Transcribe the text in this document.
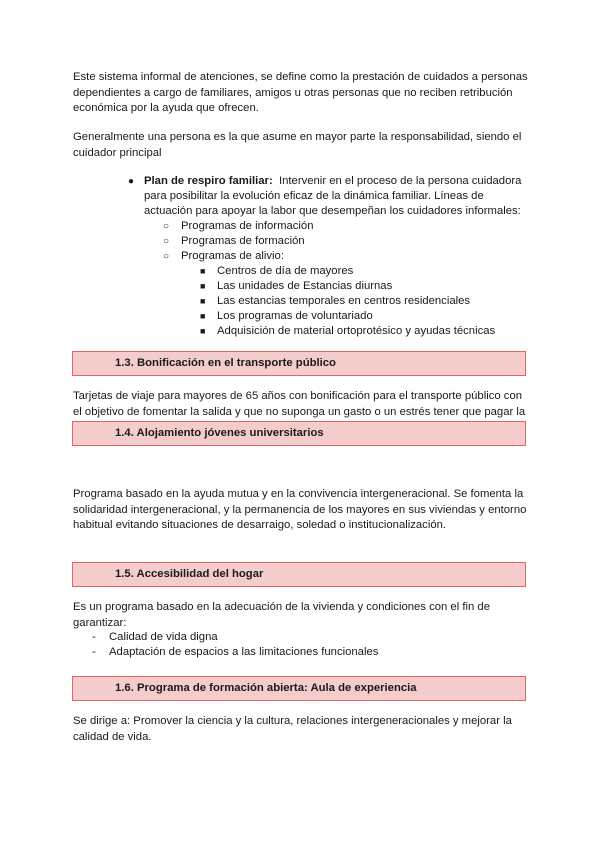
Este sistema informal de atenciones, se define como la prestación de cuidados a personas dependientes a cargo de familiares, amigos u otras personas que no reciben retribución económica por la ayuda que ofrecen.

Generalmente una persona es la que asume en mayor parte la responsabilidad, siendo el cuidador principal

● Plan de respiro familiar: Intervenir en el proceso de la persona cuidadora
para posibilitar la evolución eficaz de la dinámica familiar. Líneas de
actuación para apoyar la labor que desempeñan los cuidadores informales:
○ Programas de información
○ Programas de formación
○ Programas de alivio:
■ Centros de día de mayores
■ Las unidades de Estancias diurnas
■ Las estancias temporales en centros residenciales
■ Los programas de voluntariado
■ Adquisición de material ortoprotésico y ayudas técnicas
1.3. Bonificación en el transporte público

Tarjetas de viaje para mayores de 65 años con bonificación para el transporte público con el objetivo de fomentar la salida y que no suponga un gasto o un estrés tener que pagar la

1.4. Alojamiento jóvenes universitarios

Programa basado en la ayuda mutua y en la convivencia intergeneracional. Se fomenta la solidaridad intergeneracional, y la permanencia de los mayores en sus viviendas y entorno habitual evitando situaciones de desarraigo, soledad o institucionalización.

1.5. Accesibilidad del hogar

Es un programa basado en la adecuación de la vivienda y condiciones con el fin de garantizar:

- Calidad de vida digna
- Adaptación de espacios a las limitaciones funcionales
1.6. Programa de formación abierta: Aula de experiencia

Se dirige a: Promover la ciencia y la cultura, relaciones intergeneracionales y mejorar la calidad de vida.
